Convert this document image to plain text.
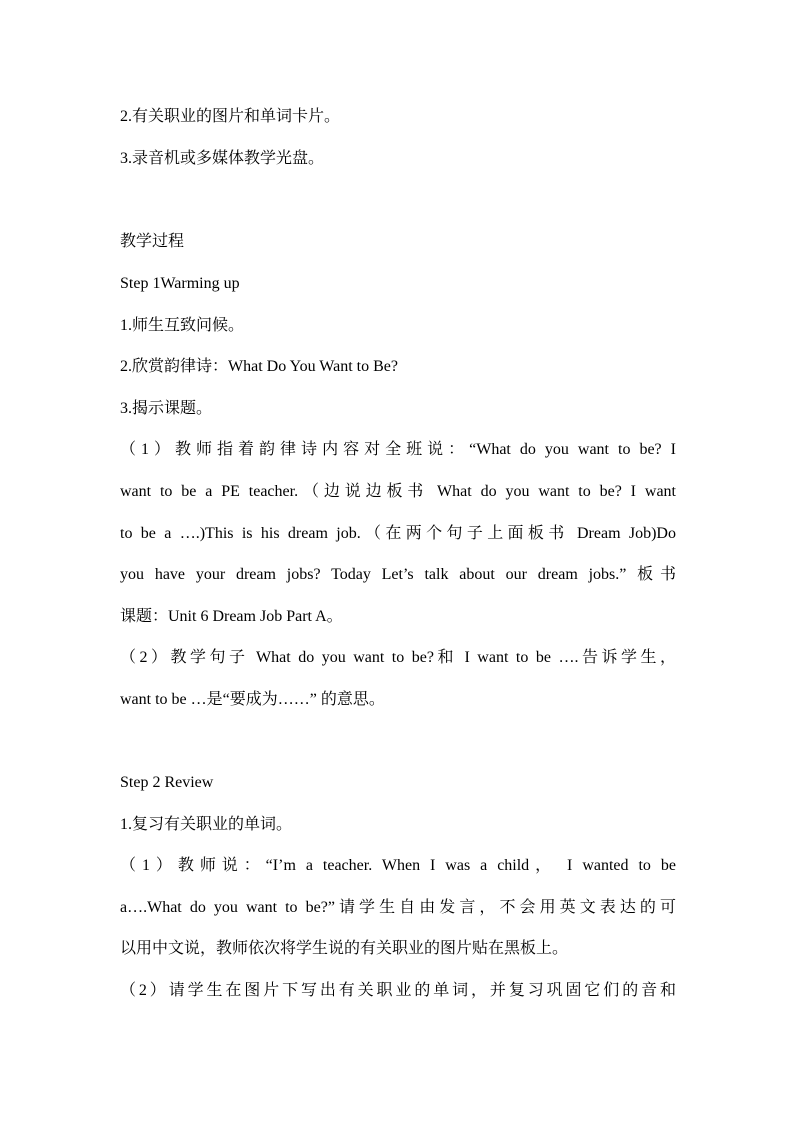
2.有关职业的图片和单词卡片。
3.录音机或多媒体教学光盘。
教学过程
Step 1Warming up
1.师生互致问候。
2.欣赏韵律诗：What Do You Want to Be?
3.揭示课题。
（1）教师指着韵律诗内容对全班说：“What do you want to be? I
want to be a PE teacher.（边说边板书 What do you want to be? I want
to be a ….)This is his dream job.（在两个句子上面板书 Dream Job)Do
you have your dream jobs? Today Let’s talk about our dream jobs.” 板书
课题：Unit 6 Dream Job Part A。
（2）教学句子 What do you want to be?和 I want to be ….告诉学生，
want to be …是“要成为……” 的意思。
Step 2 Review
1.复习有关职业的单词。
（1）教师说：“I’m a teacher. When I was a child， I wanted to be
a….What do you want to be?”请学生自由发言，不会用英文表达的可
以用中文说，教师依次将学生说的有关职业的图片贴在黑板上。
（2）请学生在图片下写出有关职业的单词，并复习巩固它们的音和
